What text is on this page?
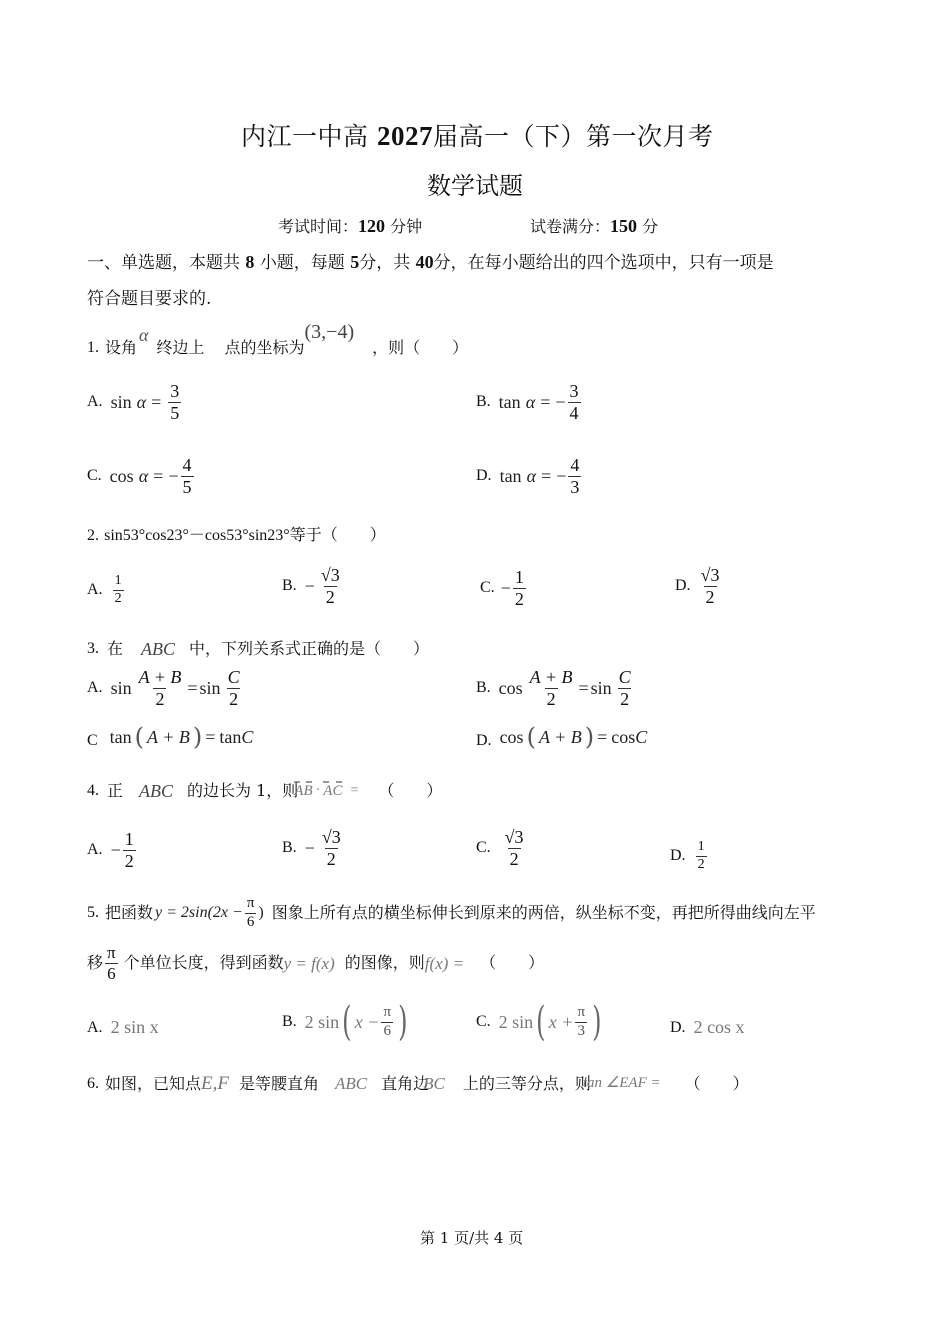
内江一中高 2027届高一（下）第一次月考
数学试题
考试时间：120 分钟	试卷满分：150 分
一、单选题，本题共 8 小题，每题 5分，共 40分，在每小题给出的四个选项中，只有一项是
符合题目要求的.
1. 设角
α
终边上 点的坐标为
(3,−4)
，则（　　）
A. sin
$\alpha = \frac{3}{5}$	B. tan
α = − $\frac{3}{4}$
C. cos
α = − $\frac{4}{5}$	D. tan
α = − $\frac{4}{3}$
2. sin53°cos23°－cos53°sin23°等于（　　）
A. $\frac{1}{2}$	B. − $\frac{√3}{2}$	C. − $\frac{1}{2}$	D. $\frac{√3}{2}$
3. 在 ABC 中，下列关系式正确的是（　　）
A. $\sin \frac{A + B}{2} = \sin \frac{C}{2}$	B. $\cos \frac{A + B}{2} = \sin \frac{C}{2}$
C tan ( A + B ) = tan C	D. cos ( A + B ) = cos C
4. 正 ABC 的边长为 1，则
AB · AC = （　　）
A. − $\frac{1}{2}$	B. − $\frac{√3}{2}$	C. $\frac{√3}{2}$	D. $\frac{1}{2}$
5. 把函数 $y = 2\sin(2x - \frac{\pi}{6}$ ) 图象上所有点的横坐标伸长到原来的两倍，纵坐标不变，再把所得曲线向左平
移 $\frac{\pi}{6}$ 个单位长度，得到函数 y = f(x) 的图像，则 f(x) = （　　）
A. 2 sin x	B. 2 sin ( $x - \frac{\pi}{6}$ )	C. 2 sin ( $x + \frac{\pi}{3}$ )	D. 2 cos x
6. 如图，已知点 E,F 是等腰直角 ABC 直角边
BC 上的三等分点，则
tan ∠EAF = （　　）
第 1 页/共 4 页
